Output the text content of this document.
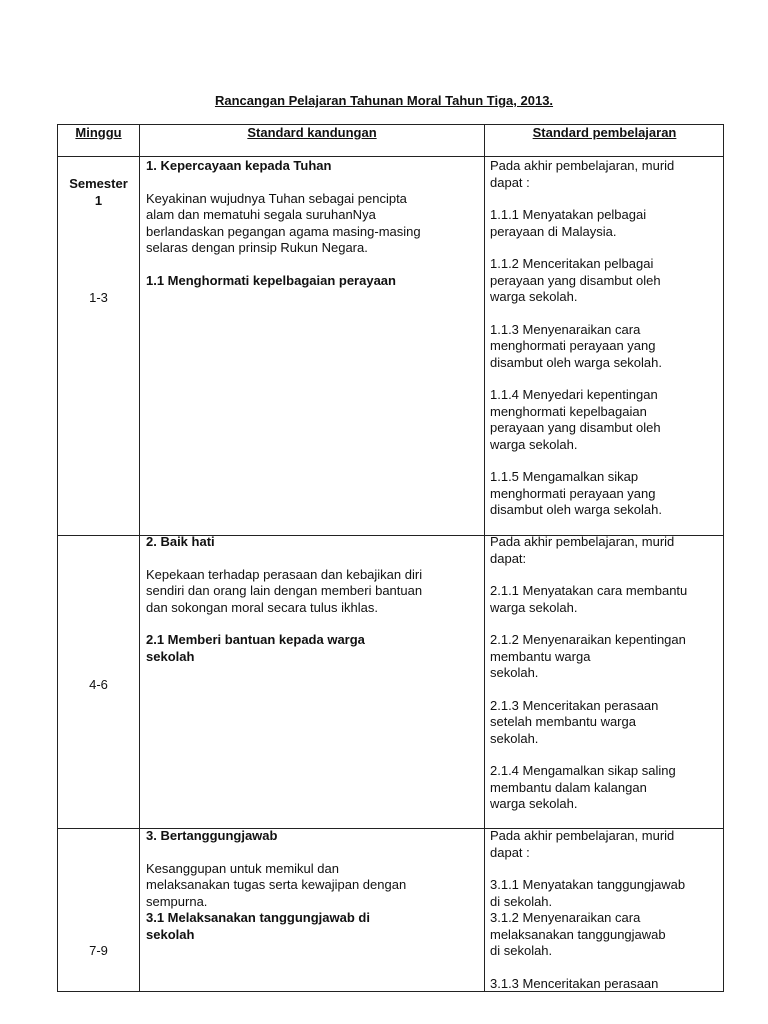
Rancangan Pelajaran Tahunan Moral Tahun Tiga, 2013.
Minggu	Standard kandungan	Standard pembelajaran
Semester
1
1-3
1. Kepercayaan kepada Tuhan
Keyakinan wujudnya Tuhan sebagai pencipta
alam dan mematuhi segala suruhanNya
berlandaskan pegangan agama masing-masing
selaras dengan prinsip Rukun Negara.
1.1 Menghormati kepelbagaian perayaan
Pada akhir pembelajaran, murid
dapat :
1.1.1 Menyatakan pelbagai
perayaan di Malaysia.
1.1.2 Menceritakan pelbagai
perayaan yang disambut oleh
warga sekolah.
1.1.3 Menyenaraikan cara
menghormati perayaan yang
disambut oleh warga sekolah.
1.1.4 Menyedari kepentingan
menghormati kepelbagaian
perayaan yang disambut oleh
warga sekolah.
1.1.5 Mengamalkan sikap
menghormati perayaan yang
disambut oleh warga sekolah.
4-6
2. Baik hati
Kepekaan terhadap perasaan dan kebajikan diri
sendiri dan orang lain dengan memberi bantuan
dan sokongan moral secara tulus ikhlas.
2.1 Memberi bantuan kepada warga
sekolah
Pada akhir pembelajaran, murid
dapat:
2.1.1 Menyatakan cara membantu
warga sekolah.
2.1.2 Menyenaraikan kepentingan
membantu warga
sekolah.
2.1.3 Menceritakan perasaan
setelah membantu warga
sekolah.
2.1.4 Mengamalkan sikap saling
membantu dalam kalangan
warga sekolah.
7-9
3. Bertanggungjawab
Kesanggupan untuk memikul dan
melaksanakan tugas serta kewajipan dengan
sempurna.
3.1 Melaksanakan tanggungjawab di
sekolah
Pada akhir pembelajaran, murid
dapat :
3.1.1 Menyatakan tanggungjawab
di sekolah.
3.1.2 Menyenaraikan cara
melaksanakan tanggungjawab
di sekolah.
3.1.3 Menceritakan perasaan
